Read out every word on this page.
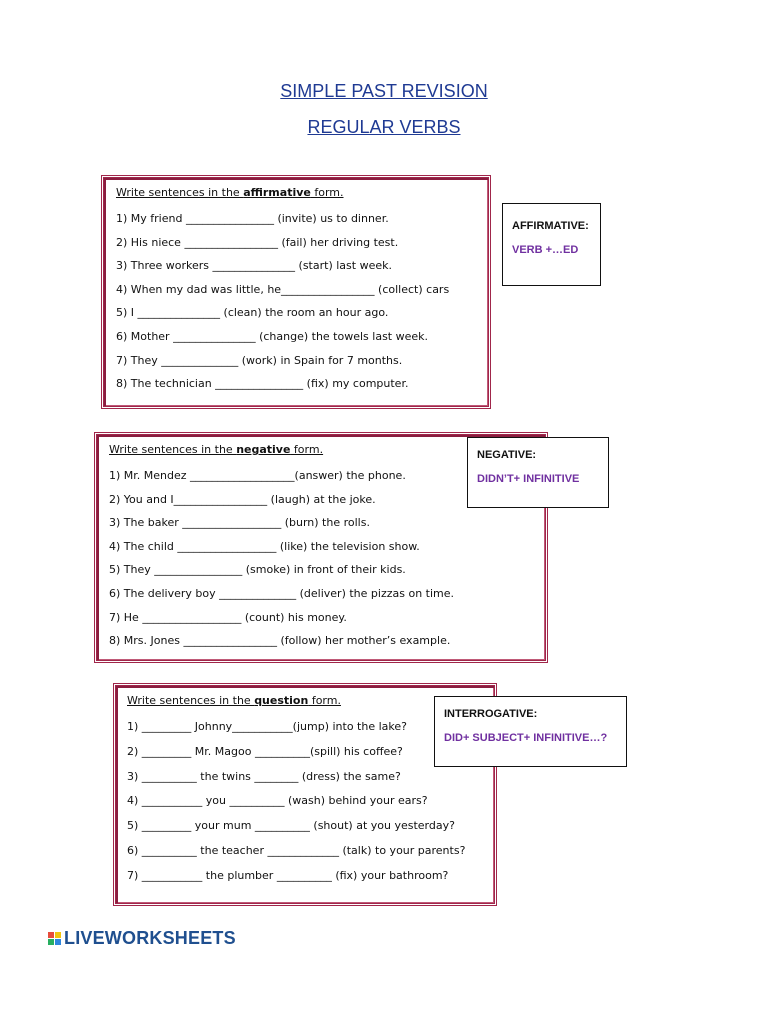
SIMPLE PAST REVISION
REGULAR VERBS
Write sentences in the affirmative form.
1) My friend ________________ (invite) us to dinner.
2) His niece _________________ (fail) her driving test.
3) Three workers _______________ (start) last week.
4) When my dad was little, he_________________ (collect) cars
5) I _______________ (clean) the room an hour ago.
6) Mother _______________ (change) the towels last week.
7) They ______________ (work) in Spain for 7 months.
8) The technician ________________ (fix) my computer.
AFFIRMATIVE:
VERB +…ED
Write sentences in the negative form.
1) Mr. Mendez ___________________(answer) the phone.
2) You and I_________________ (laugh) at the joke.
3) The baker __________________ (burn) the rolls.
4) The child __________________ (like) the television show.
5) They ________________ (smoke) in front of their kids.
6) The delivery boy ______________ (deliver) the pizzas on time.
7) He __________________ (count) his money.
8) Mrs. Jones _________________ (follow) her mother’s example.
NEGATIVE:
DIDN’T+ INFINITIVE
Write sentences in the question form.
1) _________ Johnny___________(jump) into the lake?
2) _________ Mr. Magoo __________(spill) his coffee?
3) __________ the twins ________ (dress) the same?
4) ___________ you __________ (wash) behind your ears?
5) _________ your mum __________ (shout) at you yesterday?
6) __________ the teacher _____________ (talk) to your parents?
7) ___________ the plumber __________ (fix) your bathroom?
INTERROGATIVE:
DID+ SUBJECT+ INFINITIVE…?
LIVEWORKSHEETS
